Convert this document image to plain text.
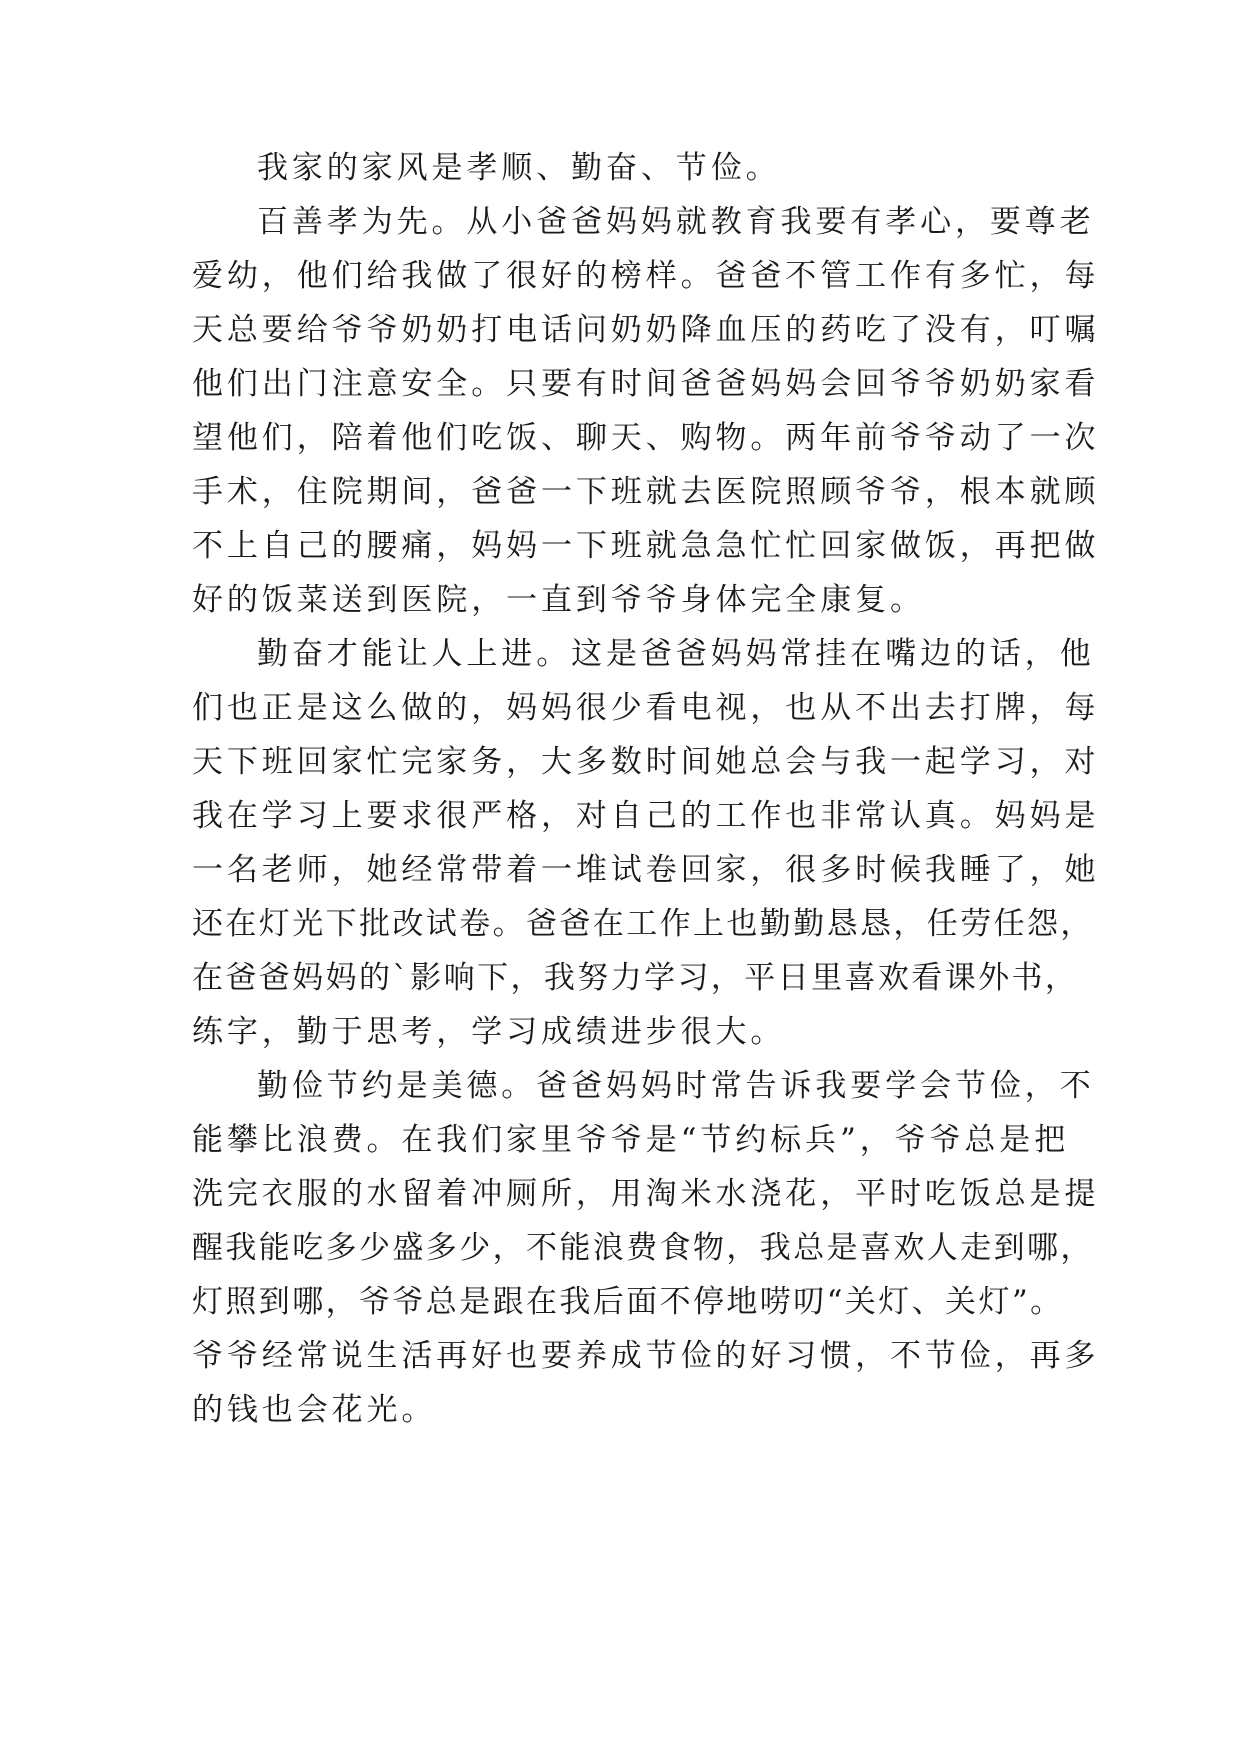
我家的家风是孝顺、勤奋、节俭。

百善孝为先。从小爸爸妈妈就教育我要有孝心，要尊老

爱幼，他们给我做了很好的榜样。爸爸不管工作有多忙，每

天总要给爷爷奶奶打电话问奶奶降血压的药吃了没有，叮嘱

他们出门注意安全。只要有时间爸爸妈妈会回爷爷奶奶家看

望他们，陪着他们吃饭、聊天、购物。两年前爷爷动了一次

手术，住院期间，爸爸一下班就去医院照顾爷爷，根本就顾

不上自己的腰痛，妈妈一下班就急急忙忙回家做饭，再把做

好的饭菜送到医院，一直到爷爷身体完全康复。

勤奋才能让人上进。这是爸爸妈妈常挂在嘴边的话，他

们也正是这么做的，妈妈很少看电视，也从不出去打牌，每

天下班回家忙完家务，大多数时间她总会与我一起学习，对

我在学习上要求很严格，对自己的工作也非常认真。妈妈是

一名老师，她经常带着一堆试卷回家，很多时候我睡了，她

还在灯光下批改试卷。爸爸在工作上也勤勤恳恳，任劳任怨，

在爸爸妈妈的`影响下，我努力学习，平日里喜欢看课外书，

练字，勤于思考，学习成绩进步很大。

勤俭节约是美德。爸爸妈妈时常告诉我要学会节俭，不

能攀比浪费。在我们家里爷爷是“节约标兵”，爷爷总是把

洗完衣服的水留着冲厕所，用淘米水浇花，平时吃饭总是提

醒我能吃多少盛多少，不能浪费食物，我总是喜欢人走到哪，

灯照到哪，爷爷总是跟在我后面不停地唠叨“关灯、关灯”。

爷爷经常说生活再好也要养成节俭的好习惯，不节俭，再多

的钱也会花光。
